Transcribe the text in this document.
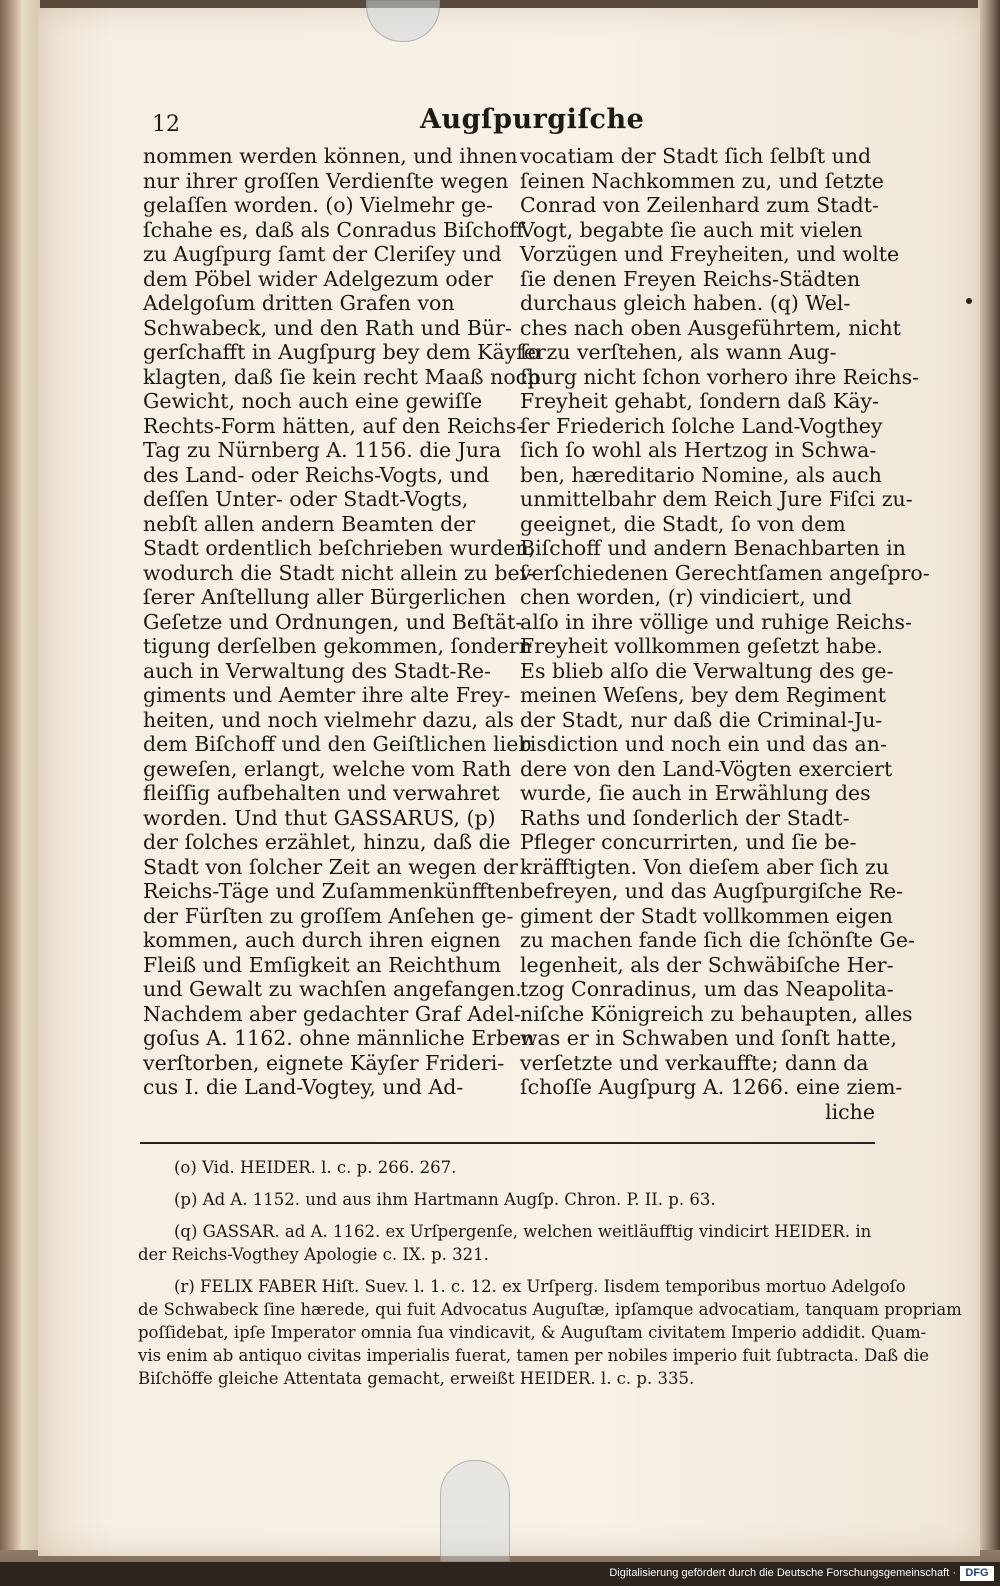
12	Augſpurgiſche
nommen werden können, und ihnen
nur ihrer groſſen Verdienſte wegen
gelaſſen worden. (o) Vielmehr ge-
ſchahe es, daß als Conradus Biſchoff
zu Augſpurg ſamt der Cleriſey und
dem Pöbel wider Adelgezum oder
Adelgoſum dritten Grafen von
Schwabeck, und den Rath und Bür-
gerſchafft in Augſpurg bey dem Käyſer
klagten, daß ſie kein recht Maaß noch
Gewicht, noch auch eine gewiſſe
Rechts-Form hätten, auf den Reichs-
Tag zu Nürnberg A. 1156. die Jura
des Land- oder Reichs-Vogts, und
deſſen Unter- oder Stadt-Vogts,
nebſt allen andern Beamten der
Stadt ordentlich beſchrieben wurden,
wodurch die Stadt nicht allein zu beſ-
ſerer Anſtellung aller Bürgerlichen
Geſetze und Ordnungen, und Beſtät-
tigung derſelben gekommen, ſondern
auch in Verwaltung des Stadt-Re-
giments und Aemter ihre alte Frey-
heiten, und noch vielmehr dazu, als
dem Biſchoff und den Geiſtlichen lieb
geweſen, erlangt, welche vom Rath
fleiſſig aufbehalten und verwahret
worden. Und thut GASSARUS, (p)
der ſolches erzählet, hinzu, daß die
Stadt von ſolcher Zeit an wegen der
Reichs-Täge und Zuſammenkünfften
der Fürſten zu groſſem Anſehen ge-
kommen, auch durch ihren eignen
Fleiß und Emſigkeit an Reichthum
und Gewalt zu wachſen angefangen.
Nachdem aber gedachter Graf Adel-
goſus A. 1162. ohne männliche Erben
verſtorben, eignete Käyſer Frideri-
cus I. die Land-Vogtey, und Ad-
vocatiam der Stadt ſich ſelbſt und
ſeinen Nachkommen zu, und ſetzte
Conrad von Zeilenhard zum Stadt-
Vogt, begabte ſie auch mit vielen
Vorzügen und Freyheiten, und wolte
ſie denen Freyen Reichs-Städten
durchaus gleich haben. (q) Wel-
ches nach oben Ausgeführtem, nicht
ſo zu verſtehen, als wann Aug-
ſpurg nicht ſchon vorhero ihre Reichs-
Freyheit gehabt, ſondern daß Käy-
ſer Friederich ſolche Land-Vogthey
ſich ſo wohl als Hertzog in Schwa-
ben, hæreditario Nomine, als auch
unmittelbahr dem Reich Jure Fiſci zu-
geeignet, die Stadt, ſo von dem
Biſchoff und andern Benachbarten in
verſchiedenen Gerechtſamen angeſpro-
chen worden, (r) vindiciert, und
alſo in ihre völlige und ruhige Reichs-
Freyheit vollkommen geſetzt habe.
Es blieb alſo die Verwaltung des ge-
meinen Weſens, bey dem Regiment
der Stadt, nur daß die Criminal-Ju-
risdiction und noch ein und das an-
dere von den Land-Vögten exerciert
wurde, ſie auch in Erwählung des
Raths und ſonderlich der Stadt-
Pfleger concurrirten, und ſie be-
kräfftigten. Von dieſem aber ſich zu
befreyen, und das Augſpurgiſche Re-
giment der Stadt vollkommen eigen
zu machen fande ſich die ſchönſte Ge-
legenheit, als der Schwäbiſche Her-
tzog Conradinus, um das Neapolita-
niſche Königreich zu behaupten, alles
was er in Schwaben und ſonſt hatte,
verſetzte und verkauffte; dann da
ſchoſſe Augſpurg A. 1266. eine ziem-
liche
(o) Vid. HEIDER. l. c. p. 266. 267.
(p) Ad A. 1152. und aus ihm Hartmann Augſp. Chron. P. II. p. 63.
(q) GASSAR. ad A. 1162. ex Urſpergenſe, welchen weitläufftig vindicirt HEIDER. in
der Reichs-Vogthey Apologie c. IX. p. 321.
(r) FELIX FABER Hiſt. Suev. l. 1. c. 12. ex Urſperg. Iisdem temporibus mortuo Adelgoſo
de Schwabeck ſine hærede, qui fuit Advocatus Auguſtæ, ipſamque advocatiam, tanquam propriam
poſſidebat, ipſe Imperator omnia ſua vindicavit, & Auguſtam civitatem Imperio addidit. Quam-
vis enim ab antiquo civitas imperialis fuerat, tamen per nobiles imperio fuit ſubtracta. Daß die
Biſchöffe gleiche Attentata gemacht, erweißt HEIDER. l. c. p. 335.
Digitalisierung gefördert durch die Deutsche Forschungsgemeinschaft · DFG
